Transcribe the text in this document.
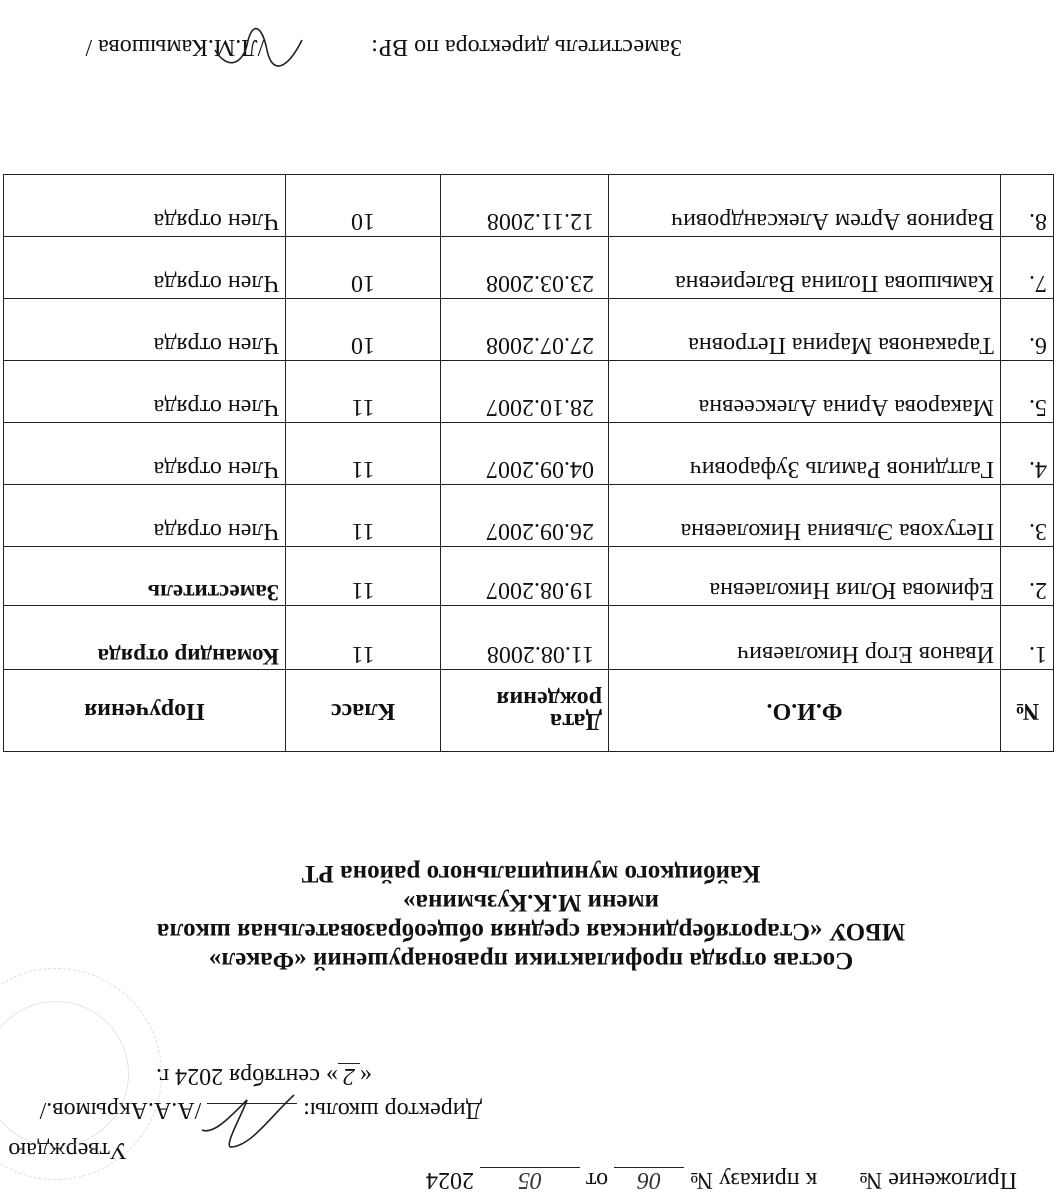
Приложение №  к приказу № 06 от 05 2024
Утверждаю
Директор школы:  /А.А.Акрымов./
«2» сентября 2024 г.
Состав отряда профилактики правонарушений «Факел»
МБОУ «Старотябердинская средняя общеобразовательная школа
имени М.К.Кузьмина»
Кайбицкого муниципального района РТ
№	Ф.И.О.	Дата рождения	Класс	Поручения
1.	Иванов Егор Николаевич	11.08.2008	11	Командир отряда
2.	Ефимова Юлия Николаевна	19.08.2007	11	Заместитель
3.	Петухова Эльвина Николаевна	26.09.2007	11	Член отряда
4.	Галтдинов Рамиль Зуфарович	04.09.2007	11	Член отряда
5.	Макарова Арина Алексеевна	28.10.2007	11	Член отряда
6.	Тараканова Марина Петровна	27.07.2008	10	Член отряда
7.	Камышова Полина Валериевна	23.03.2008	10	Член отряда
8.	Варинов Артем Александрович	12.11.2008	10	Член отряда
Заместитель директора по ВР:  /Л.М.Камышова /
